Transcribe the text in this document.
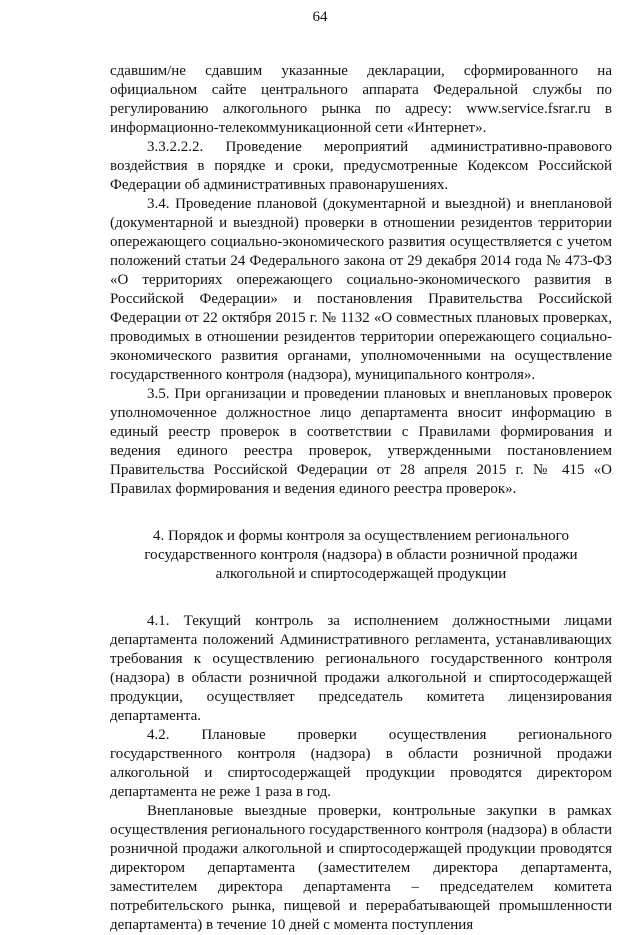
64

сдавшим/не сдавшим указанные декларации, сформированного на официальном сайте центрального аппарата Федеральной службы по регулированию алкогольного рынка по адресу: www.service.fsrar.ru в информационно-телекоммуникационной сети «Интернет».

3.3.2.2.2. Проведение мероприятий административно-правового воздействия в порядке и сроки, предусмотренные Кодексом Российской Федерации об административных правонарушениях.

3.4. Проведение плановой (документарной и выездной) и внеплановой (документарной и выездной) проверки в отношении резидентов территории опережающего социально-экономического развития осуществляется с учетом положений статьи 24 Федерального закона от 29 декабря 2014 года № 473-ФЗ «О территориях опережающего социально-экономического развития в Российской Федерации» и постановления Правительства Российской Федерации от 22 октября 2015 г. № 1132 «О совместных плановых проверках, проводимых в отношении резидентов территории опережающего социально-экономического развития органами, уполномоченными на осуществление государственного контроля (надзора), муниципального контроля».

3.5. При организации и проведении плановых и внеплановых проверок уполномоченное должностное лицо департамента вносит информацию в единый реестр проверок в соответствии с Правилами формирования и ведения единого реестра проверок, утвержденными постановлением Правительства Российской Федерации от 28 апреля 2015 г. № 415 «О Правилах формирования и ведения единого реестра проверок».

4. Порядок и формы контроля за осуществлением регионального
государственного контроля (надзора) в области розничной продажи
алкогольной и спиртосодержащей продукции

4.1. Текущий контроль за исполнением должностными лицами департамента положений Административного регламента, устанавливающих требования к осуществлению регионального государственного контроля (надзора) в области розничной продажи алкогольной и спиртосодержащей продукции, осуществляет председатель комитета лицензирования департамента.

4.2. Плановые проверки осуществления регионального государственного контроля (надзора) в области розничной продажи алкогольной и спиртосодержащей продукции проводятся директором департамента не реже 1 раза в год.

Внеплановые выездные проверки, контрольные закупки в рамках осуществления регионального государственного контроля (надзора) в области розничной продажи алкогольной и спиртосодержащей продукции проводятся директором департамента (заместителем директора департамента, заместителем директора департамента – председателем комитета потребительского рынка, пищевой и перерабатывающей промышленности департамента) в течение 10 дней с момента поступления
